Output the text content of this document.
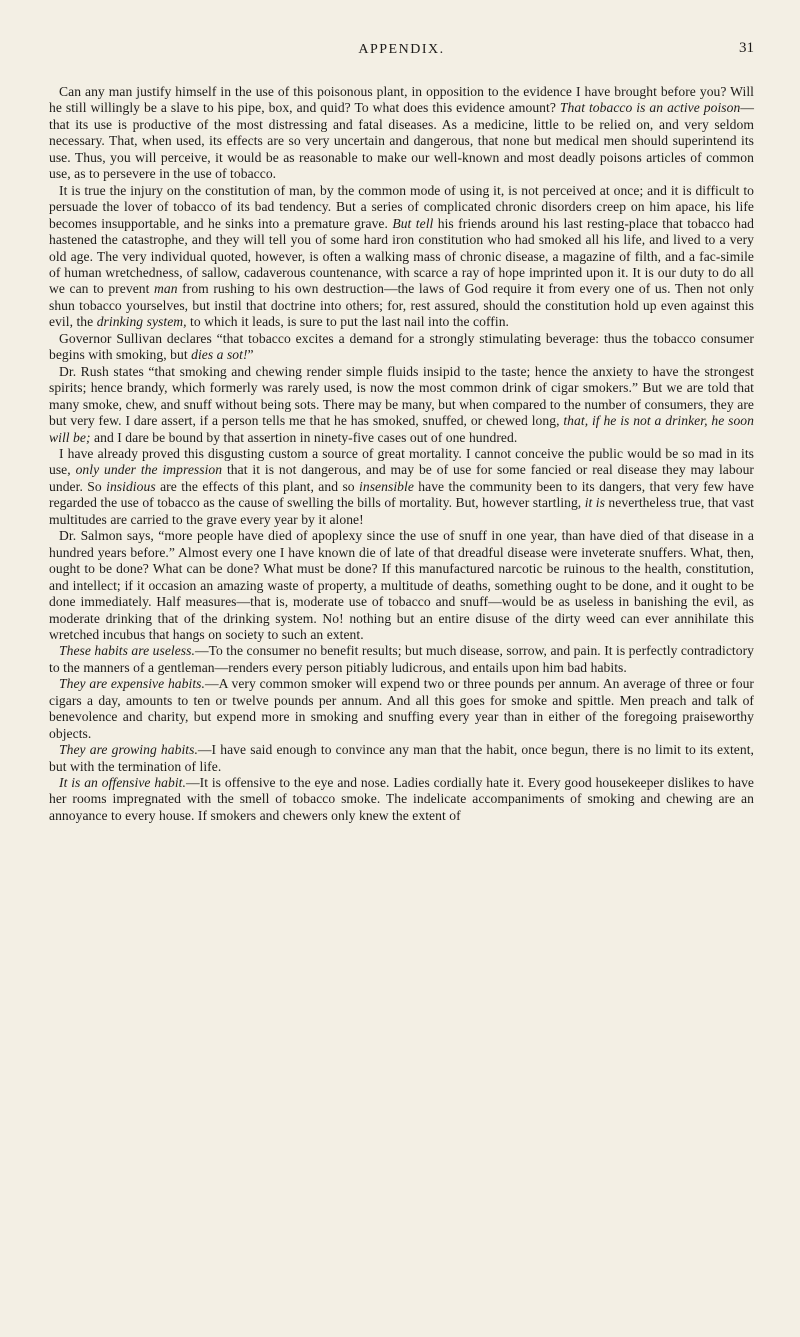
APPENDIX.	31

Can any man justify himself in the use of this poisonous plant, in opposition to the evidence I have brought before you? Will he still willingly be a slave to his pipe, box, and quid? To what does this evidence amount? That tobacco is an active poison— that its use is productive of the most distressing and fatal diseases. As a medicine, little to be relied on, and very seldom necessary. That, when used, its effects are so very uncertain and dangerous, that none but medical men should superintend its use. Thus, you will perceive, it would be as reasonable to make our well-known and most deadly poisons articles of common use, as to persevere in the use of tobacco.

It is true the injury on the constitution of man, by the common mode of using it, is not perceived at once; and it is difficult to persuade the lover of tobacco of its bad tendency. But a series of complicated chronic disorders creep on him apace, his life becomes insupportable, and he sinks into a premature grave. But tell his friends around his last resting-place that tobacco had hastened the catastrophe, and they will tell you of some hard iron constitution who had smoked all his life, and lived to a very old age. The very individual quoted, however, is often a walking mass of chronic disease, a magazine of filth, and a fac-simile of human wretchedness, of sallow, cadaverous countenance, with scarce a ray of hope imprinted upon it. It is our duty to do all we can to prevent man from rushing to his own destruction—the laws of God require it from every one of us. Then not only shun tobacco yourselves, but instil that doctrine into others; for, rest assured, should the constitution hold up even against this evil, the drinking system, to which it leads, is sure to put the last nail into the coffin.

Governor Sullivan declares “that tobacco excites a demand for a strongly stimulating beverage: thus the tobacco consumer begins with smoking, but dies a sot!”

Dr. Rush states “that smoking and chewing render simple fluids insipid to the taste; hence the anxiety to have the strongest spirits; hence brandy, which formerly was rarely used, is now the most common drink of cigar smokers.” But we are told that many smoke, chew, and snuff without being sots. There may be many, but when compared to the number of consumers, they are but very few. I dare assert, if a person tells me that he has smoked, snuffed, or chewed long, that, if he is not a drinker, he soon will be; and I dare be bound by that assertion in ninety-five cases out of one hundred.

I have already proved this disgusting custom a source of great mortality. I cannot conceive the public would be so mad in its use, only under the impression that it is not dangerous, and may be of use for some fancied or real disease they may labour under. So insidious are the effects of this plant, and so insensible have the community been to its dangers, that very few have regarded the use of tobacco as the cause of swelling the bills of mortality. But, however startling, it is nevertheless true, that vast multitudes are carried to the grave every year by it alone!

Dr. Salmon says, “more people have died of apoplexy since the use of snuff in one year, than have died of that disease in a hundred years before.” Almost every one I have known die of late of that dreadful disease were inveterate snuffers. What, then, ought to be done? What can be done? What must be done? If this manufactured narcotic be ruinous to the health, constitution, and intellect; if it occasion an amazing waste of property, a multitude of deaths, something ought to be done, and it ought to be done immediately. Half measures—that is, moderate use of tobacco and snuff—would be as useless in banishing the evil, as moderate drinking that of the drinking system. No! nothing but an entire disuse of the dirty weed can ever annihilate this wretched incubus that hangs on society to such an extent.

These habits are useless.—To the consumer no benefit results; but much disease, sorrow, and pain. It is perfectly contradictory to the manners of a gentleman—renders every person pitiably ludicrous, and entails upon him bad habits.

They are expensive habits.—A very common smoker will expend two or three pounds per annum. An average of three or four cigars a day, amounts to ten or twelve pounds per annum. And all this goes for smoke and spittle. Men preach and talk of benevolence and charity, but expend more in smoking and snuffing every year than in either of the foregoing praiseworthy objects.

They are growing habits.—I have said enough to convince any man that the habit, once begun, there is no limit to its extent, but with the termination of life.

It is an offensive habit.—It is offensive to the eye and nose. Ladies cordially hate it. Every good housekeeper dislikes to have her rooms impregnated with the smell of tobacco smoke. The indelicate accompaniments of smoking and chewing are an annoyance to every house. If smokers and chewers only knew the extent of
